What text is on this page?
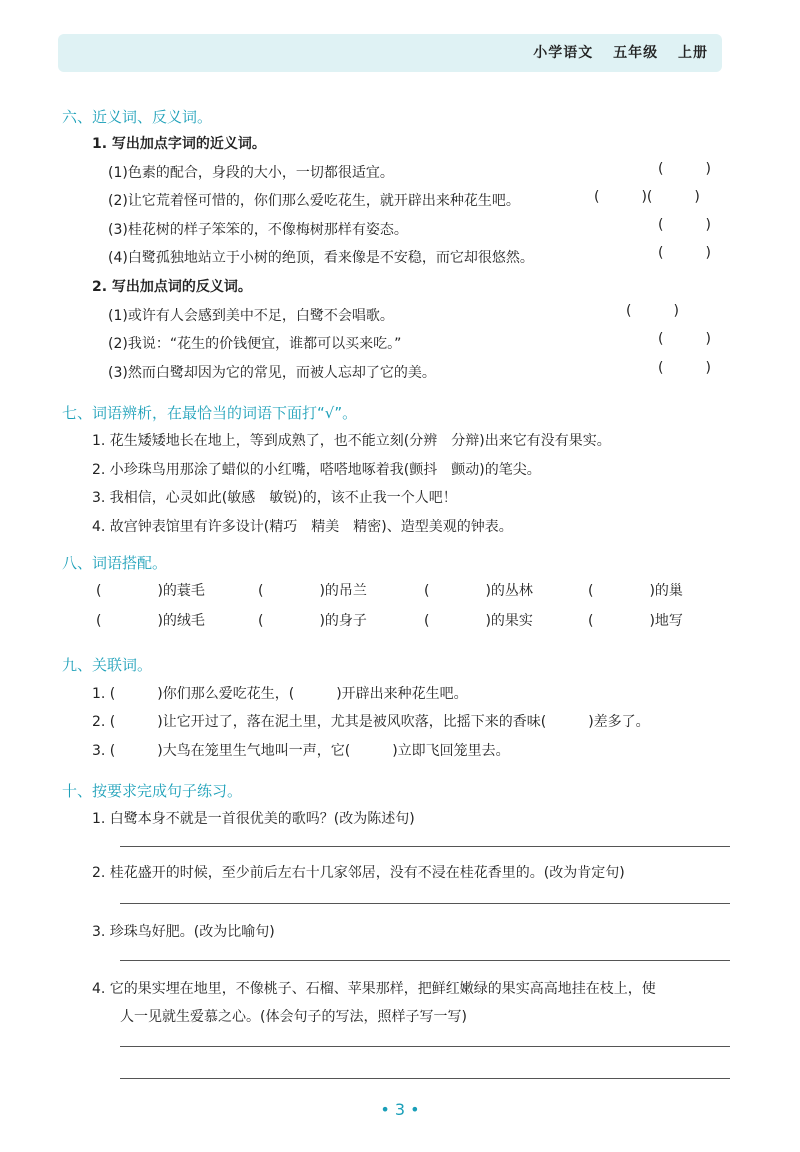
小学语文 五年级 上册
六、近义词、反义词。
1. 写出加点字词的近义词。
(1)色素的配合，身段的大小，一切都很适宜。	(　　　)
(2)让它荒着怪可惜的，你们那么爱吃花生，就开辟出来种花生吧。	(　　　)(　　　)
(3)桂花树的样子笨笨的，不像梅树那样有姿态。	(　　　)
(4)白鹭孤独地站立于小树的绝顶，看来像是不安稳，而它却很悠然。	(　　　)
2. 写出加点词的反义词。
(1)或许有人会感到美中不足，白鹭不会唱歌。	(　　　)
(2)我说：“花生的价钱便宜，谁都可以买来吃。”	(　　　)
(3)然而白鹭却因为它的常见，而被人忘却了它的美。	(　　　)
七、词语辨析，在最恰当的词语下面打“√”。
1. 花生矮矮地长在地上，等到成熟了，也不能立刻(分辨　分辩)出来它有没有果实。
2. 小珍珠鸟用那涂了蜡似的小红嘴，嗒嗒地啄着我(颤抖　颤动)的笔尖。
3. 我相信，心灵如此(敏感　敏锐)的，该不止我一个人吧！
4. 故宫钟表馆里有许多设计(精巧　精美　精密)、造型美观的钟表。
八、词语搭配。
(　　　　)的蓑毛	(　　　　)的吊兰	(　　　　)的丛林	(　　　　)的巢
(　　　　)的绒毛	(　　　　)的身子	(　　　　)的果实	(　　　　)地写
九、关联词。
1. (　　　)你们那么爱吃花生，(　　　)开辟出来种花生吧。
2. (　　　)让它开过了，落在泥土里，尤其是被风吹落，比摇下来的香味(　　　)差多了。
3. (　　　)大鸟在笼里生气地叫一声，它(　　　)立即飞回笼里去。
十、按要求完成句子练习。
1. 白鹭本身不就是一首很优美的歌吗？(改为陈述句)
2. 桂花盛开的时候，至少前后左右十几家邻居，没有不浸在桂花香里的。(改为肯定句)
3. 珍珠鸟好肥。(改为比喻句)
4. 它的果实埋在地里，不像桃子、石榴、苹果那样，把鲜红嫩绿的果实高高地挂在枝上，使
人一见就生爱慕之心。(体会句子的写法，照样子写一写)
• 3 •
